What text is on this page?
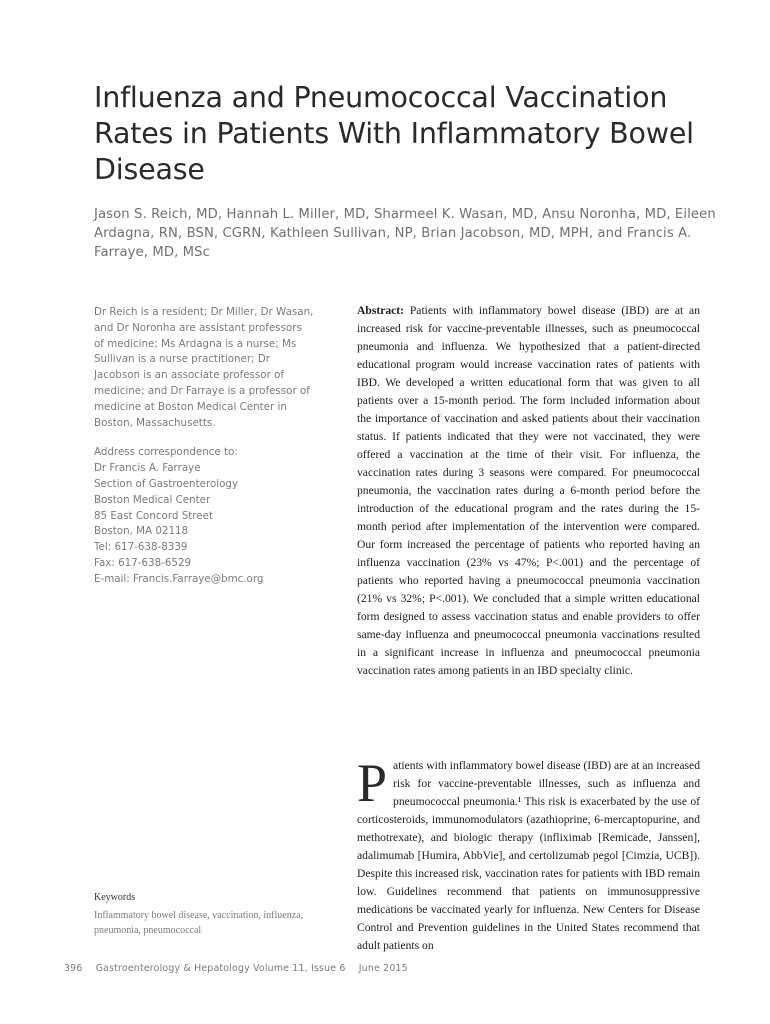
Influenza and Pneumococcal Vaccination Rates in Patients With Inflammatory Bowel Disease

Jason S. Reich, MD, Hannah L. Miller, MD, Sharmeel K. Wasan, MD, Ansu Noronha, MD, Eileen Ardagna, RN, BSN, CGRN, Kathleen Sullivan, NP, Brian Jacobson, MD, MPH, and Francis A. Farraye, MD, MSc

Dr Reich is a resident; Dr Miller, Dr Wasan, and Dr Noronha are assistant professors of medicine; Ms Ardagna is a nurse; Ms Sullivan is a nurse practitioner; Dr Jacobson is an associate professor of medicine; and Dr Farraye is a professor of medicine at Boston Medical Center in Boston, Massachusetts.

Address correspondence to:
Dr Francis A. Farraye
Section of Gastroenterology
Boston Medical Center
85 East Concord Street
Boston, MA 02118
Tel: 617-638-8339
Fax: 617-638-6529
E-mail: Francis.Farraye@bmc.org

Abstract: Patients with inflammatory bowel disease (IBD) are at an increased risk for vaccine-preventable illnesses, such as pneumococcal pneumonia and influenza. We hypothesized that a patient-directed educational program would increase vaccination rates of patients with IBD. We developed a written educational form that was given to all patients over a 15-month period. The form included information about the importance of vaccination and asked patients about their vaccination status. If patients indicated that they were not vaccinated, they were offered a vaccination at the time of their visit. For influenza, the vaccination rates during 3 seasons were compared. For pneumococcal pneumonia, the vaccination rates during a 6-month period before the introduction of the educational program and the rates during the 15-month period after implementation of the intervention were compared. Our form increased the percentage of patients who reported having an influenza vaccination (23% vs 47%; P<.001) and the percentage of patients who reported having a pneumococcal pneumonia vaccination (21% vs 32%; P<.001). We concluded that a simple written educational form designed to assess vaccination status and enable providers to offer same-day influenza and pneumococcal pneumonia vaccinations resulted in a significant increase in influenza and pneumococcal pneumonia vaccination rates among patients in an IBD specialty clinic.

Patients with inflammatory bowel disease (IBD) are at an increased risk for vaccine-preventable illnesses, such as influenza and pneumococcal pneumonia.¹ This risk is exacerbated by the use of corticosteroids, immunomodulators (azathioprine, 6-mercaptopurine, and methotrexate), and biologic therapy (infliximab [Remicade, Janssen], adalimumab [Humira, AbbVie], and certolizumab pegol [Cimzia, UCB]). Despite this increased risk, vaccination rates for patients with IBD remain low. Guidelines recommend that patients on immunosuppressive medications be vaccinated yearly for influenza. New Centers for Disease Control and Prevention guidelines in the United States recommend that adult patients on

Keywords
Inflammatory bowel disease, vaccination, influenza, pneumonia, pneumococcal
396 Gastroenterology & Hepatology Volume 11, Issue 6 June 2015
